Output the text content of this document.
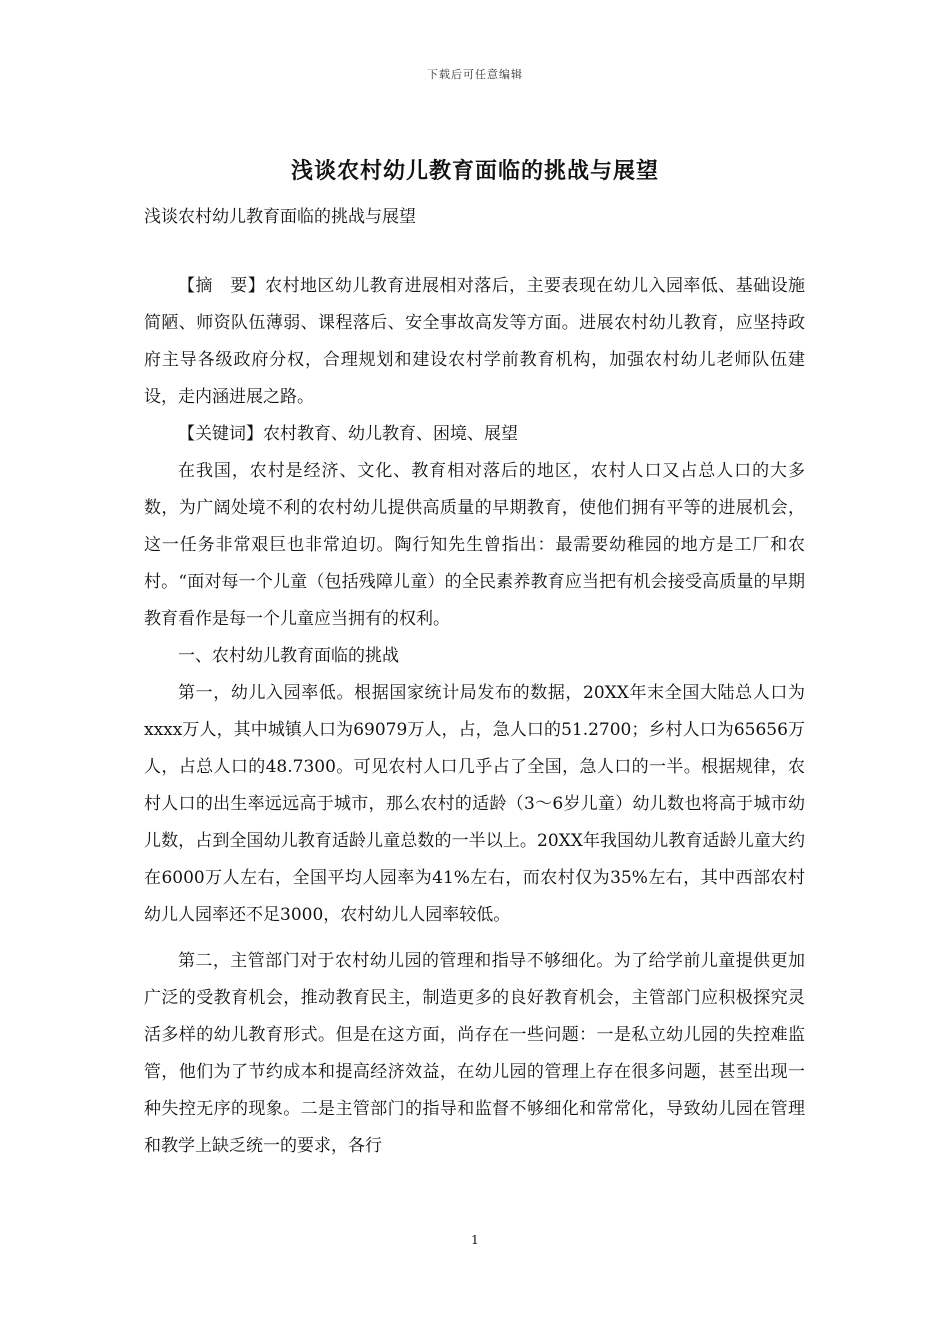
下载后可任意编辑
浅谈农村幼儿教育面临的挑战与展望
浅谈农村幼儿教育面临的挑战与展望

【摘　要】农村地区幼儿教育进展相对落后，主要表现在幼儿入园率低、基础设施简陋、师资队伍薄弱、课程落后、安全事故高发等方面。进展农村幼儿教育，应坚持政府主导各级政府分权，合理规划和建设农村学前教育机构，加强农村幼儿老师队伍建设，走内涵进展之路。

【关键词】农村教育、幼儿教育、困境、展望

在我国，农村是经济、文化、教育相对落后的地区，农村人口又占总人口的大多数，为广阔处境不利的农村幼儿提供高质量的早期教育，使他们拥有平等的进展机会，这一任务非常艰巨也非常迫切。陶行知先生曾指出：最需要幼稚园的地方是工厂和农村。“面对每一个儿童（包括残障儿童）的全民素养教育应当把有机会接受高质量的早期教育看作是每一个儿童应当拥有的权利。

一、农村幼儿教育面临的挑战

第一，幼儿入园率低。根据国家统计局发布的数据，20XX年末全国大陆总人口为xxxx万人，其中城镇人口为69079万人，占，急人口的51.2700；乡村人口为65656万人，占总人口的48.7300。可见农村人口几乎占了全国，急人口的一半。根据规律，农村人口的出生率远远高于城市，那么农村的适龄（3～6岁儿童）幼儿数也将高于城市幼儿数，占到全国幼儿教育适龄儿童总数的一半以上。20XX年我国幼儿教育适龄儿童大约在6000万人左右，全国平均人园率为41%左右，而农村仅为35%左右，其中西部农村幼儿人园率还不足3000，农村幼儿人园率较低。

第二，主管部门对于农村幼儿园的管理和指导不够细化。为了给学前儿童提供更加广泛的受教育机会，推动教育民主，制造更多的良好教育机会，主管部门应积极探究灵活多样的幼儿教育形式。但是在这方面，尚存在一些问题：一是私立幼儿园的失控难监管，他们为了节约成本和提高经济效益，在幼儿园的管理上存在很多问题，甚至出现一种失控无序的现象。二是主管部门的指导和监督不够细化和常常化，导致幼儿园在管理和教学上缺乏统一的要求，各行

1
